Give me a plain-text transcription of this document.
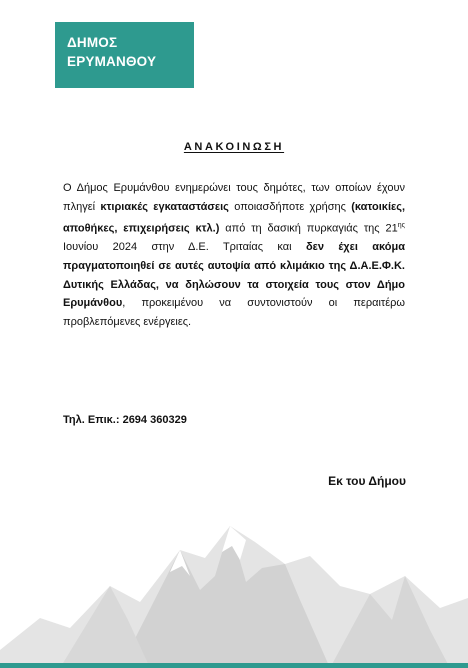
ΔΗΜΟΣ
ΕΡΥΜΑΝΘΟΥ
ΑΝΑΚΟΙΝΩΣΗ

Ο Δήμος Ερυμάνθου ενημερώνει τους δημότες, των οποίων έχουν πληγεί κτιριακές εγκαταστάσεις οποιασδήποτε χρήσης (κατοικίες, αποθήκες, επιχειρήσεις κτλ.) από τη δασική πυρκαγιάς της $21^{\eta\varsigma}$ Ιουνίου 2024 στην Δ.Ε. Τριταίας και δεν έχει ακόμα πραγματοποιηθεί σε αυτές αυτοψία από κλιμάκιο της Δ.Α.Ε.Φ.Κ. Δυτικής Ελλάδας, να δηλώσουν τα στοιχεία τους στον Δήμο Ερυμάνθου, προκειμένου να συντονιστούν οι περαιτέρω προβλεπόμενες ενέργειες.

Τηλ. Επικ.: 2694 360329
Εκ του Δήμου
